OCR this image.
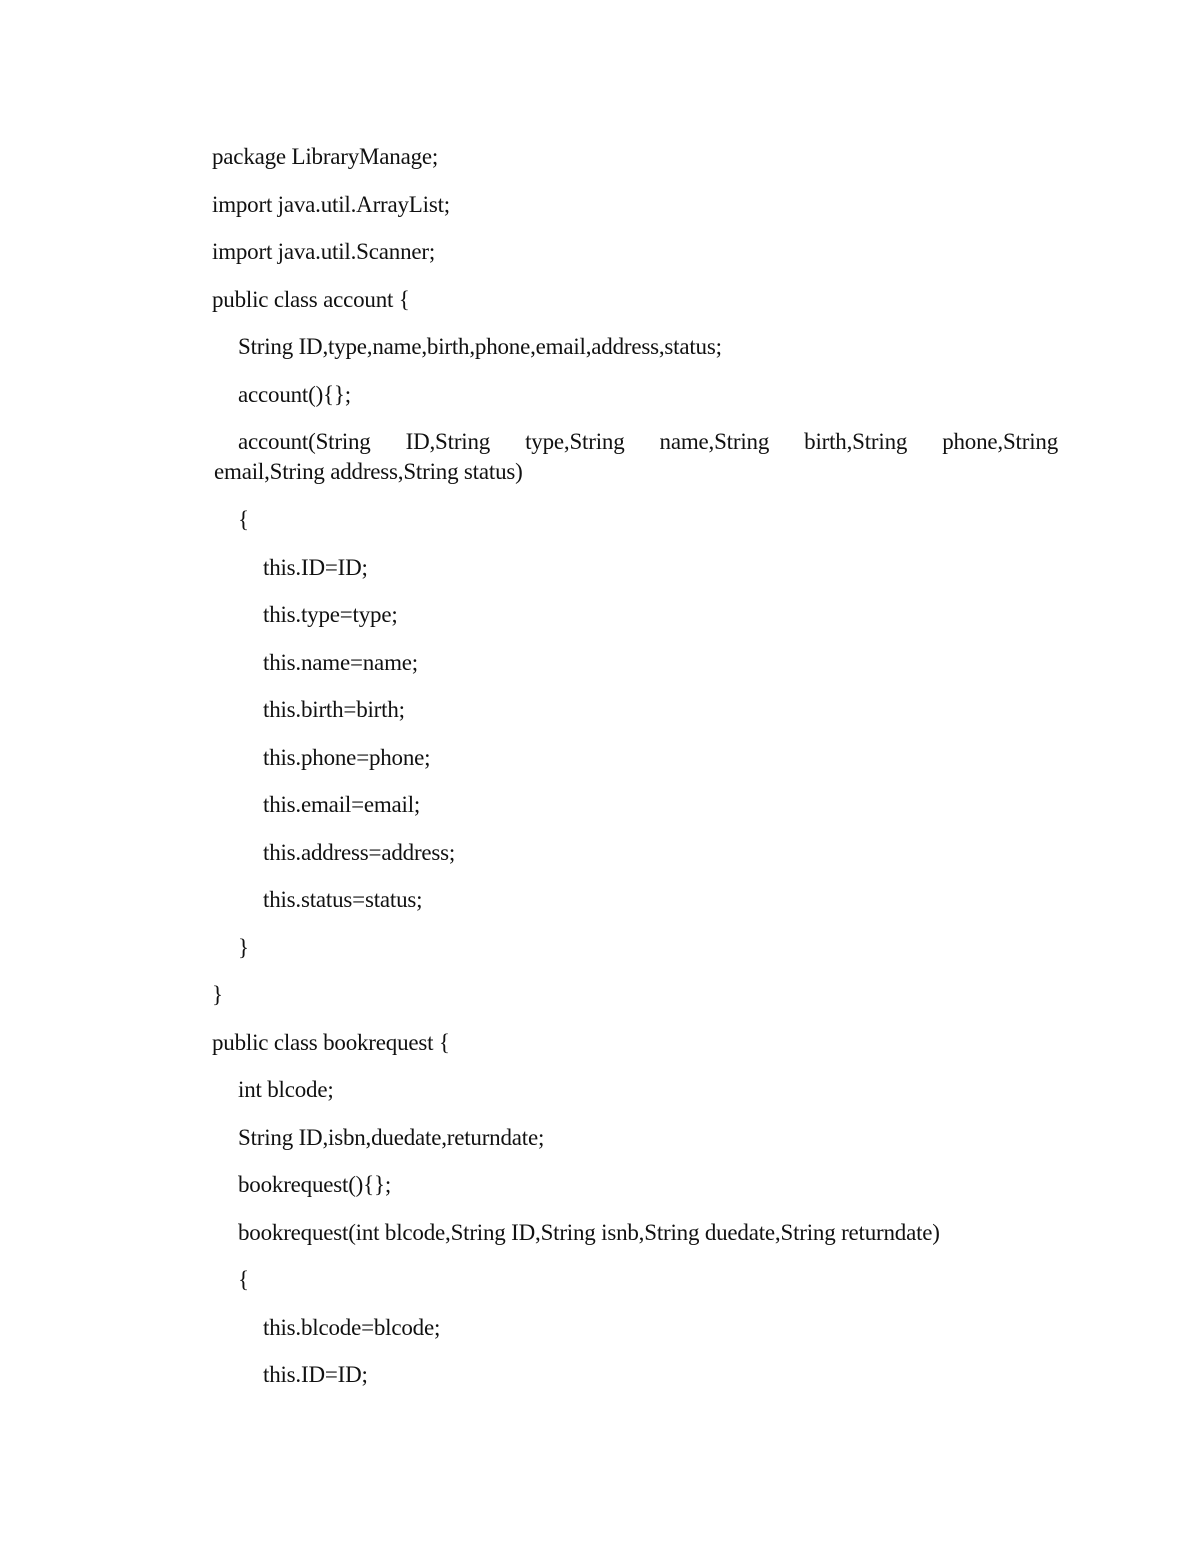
package LibraryManage;
import java.util.ArrayList;
import java.util.Scanner;
public class account {
String ID,type,name,birth,phone,email,address,status;
account(){};
account(String ID,String type,String name,String birth,String phone,String
email,String address,String status)
{
this.ID=ID;
this.type=type;
this.name=name;
this.birth=birth;
this.phone=phone;
this.email=email;
this.address=address;
this.status=status;
}
}
public class bookrequest {
int blcode;
String ID,isbn,duedate,returndate;
bookrequest(){};
bookrequest(int blcode,String ID,String isnb,String duedate,String returndate)
{
this.blcode=blcode;
this.ID=ID;
